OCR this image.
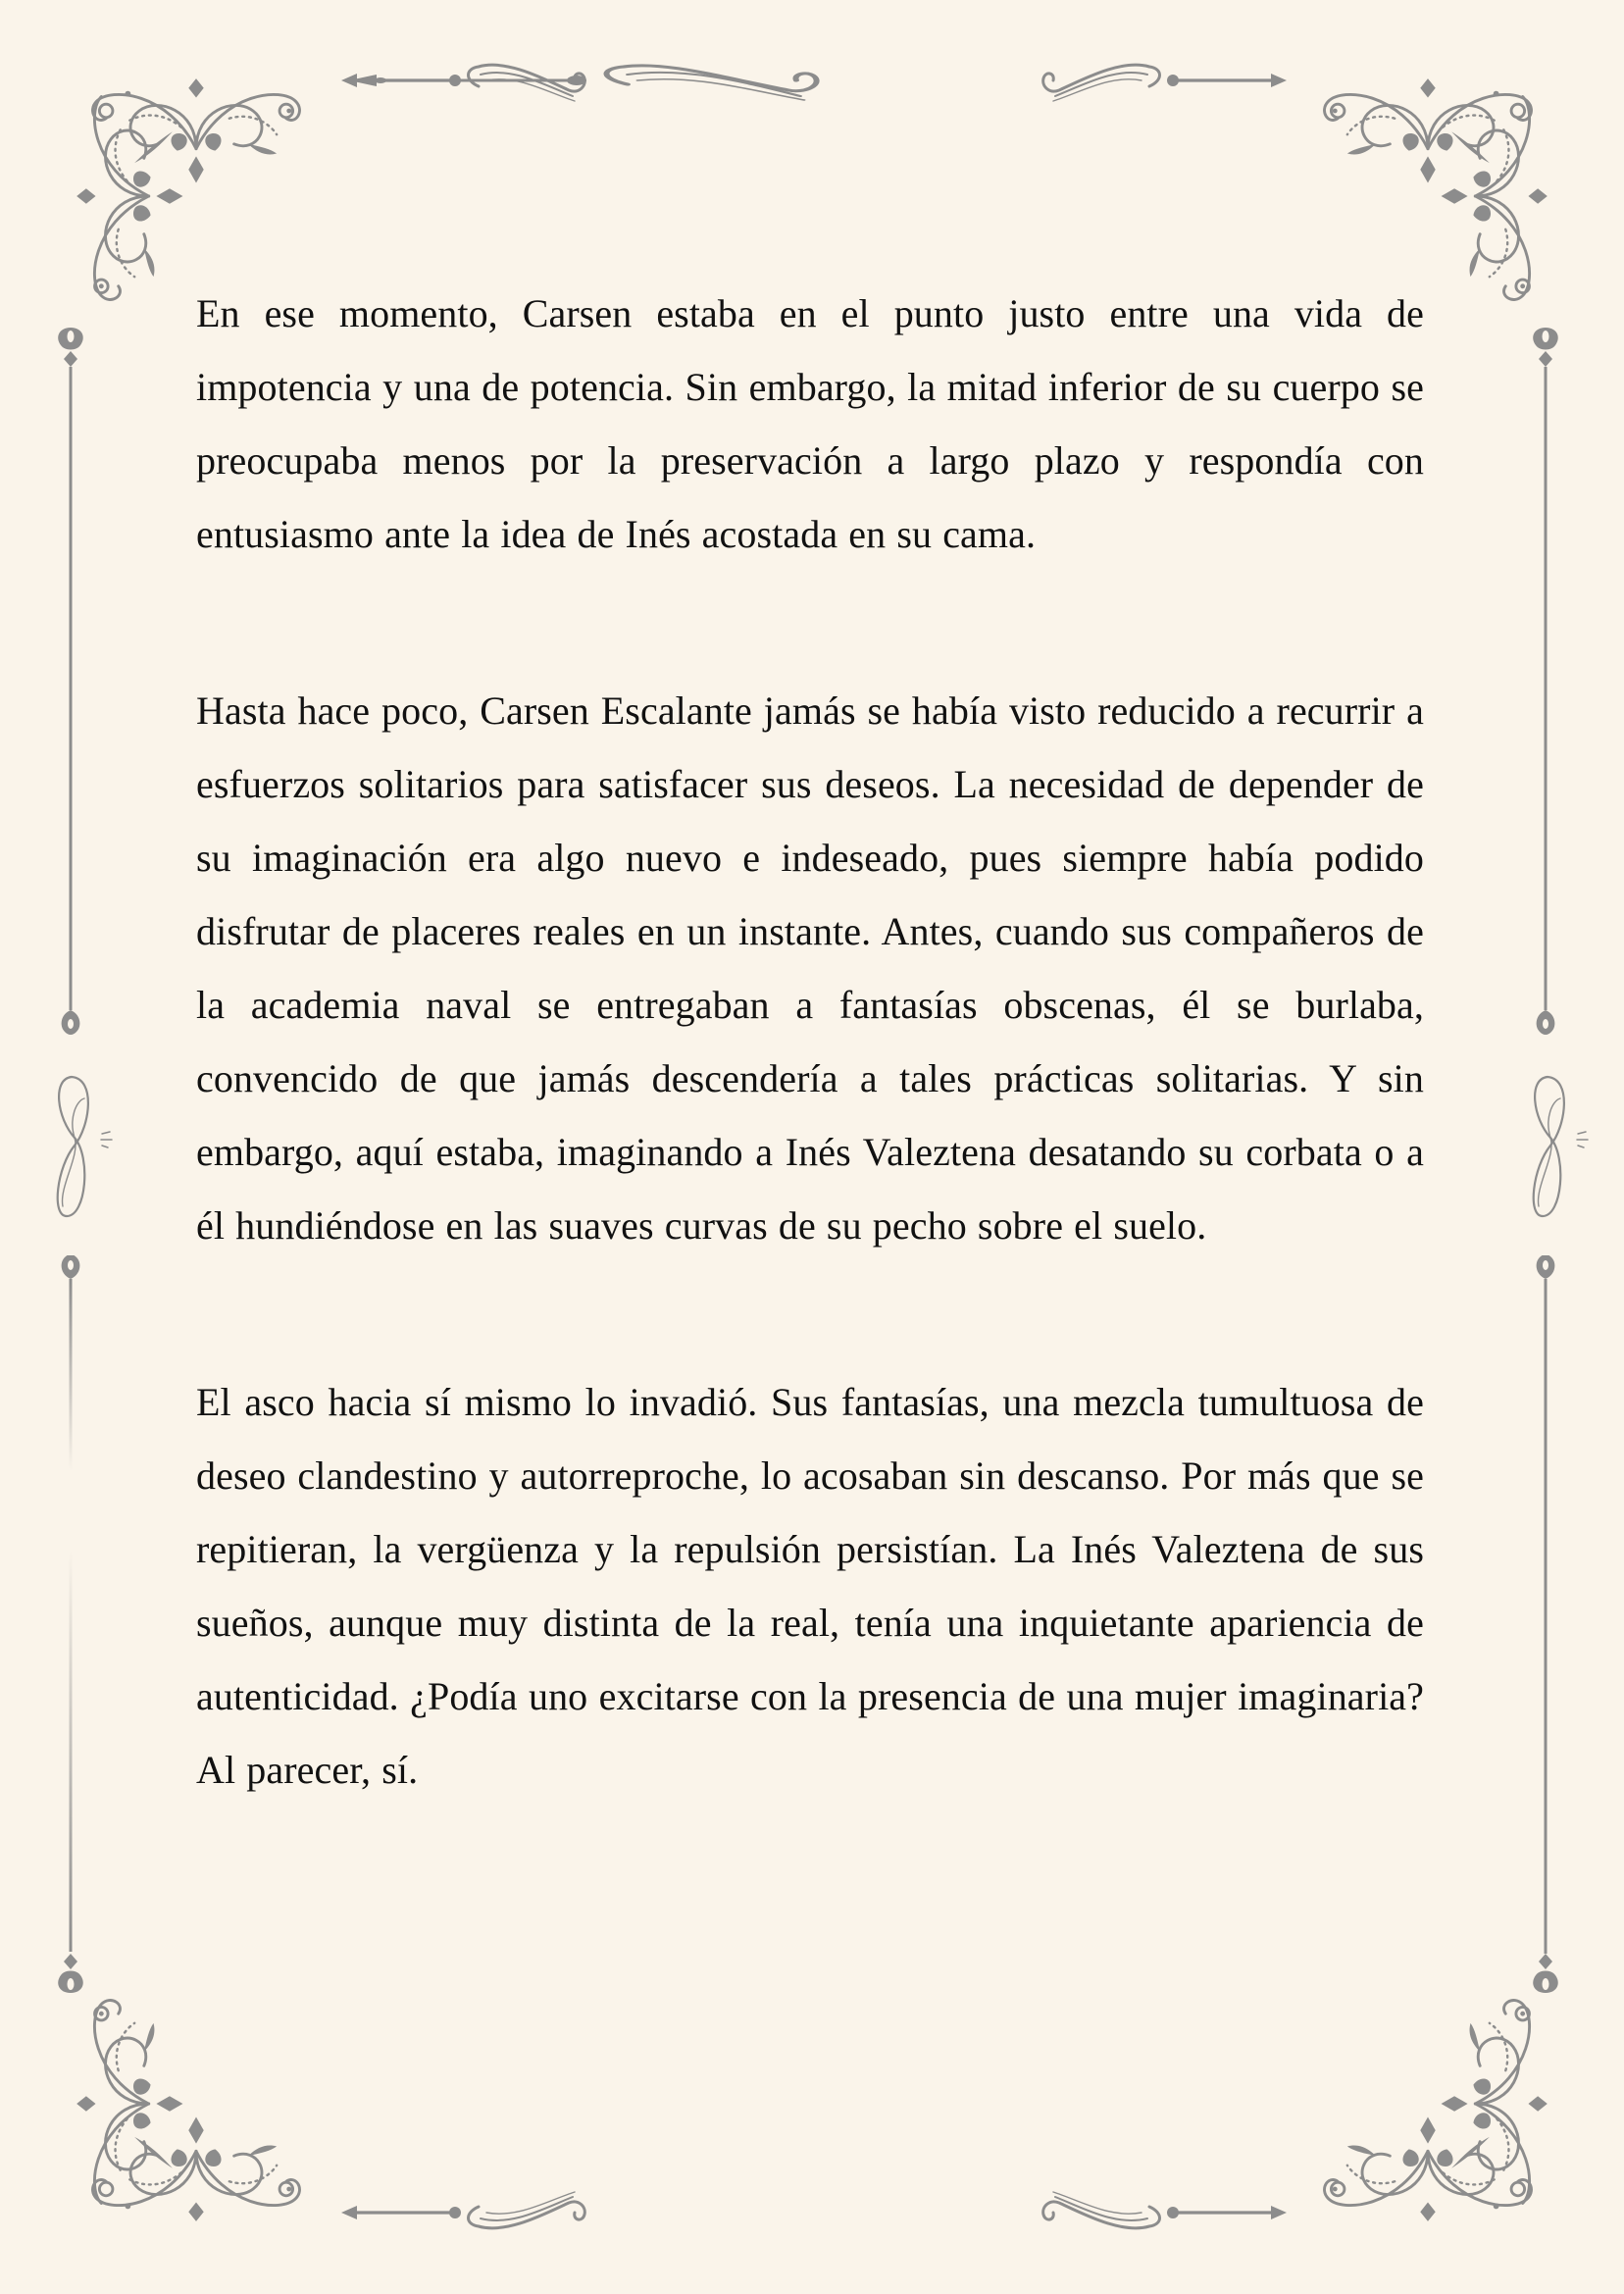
En ese momento, Carsen estaba en el punto justo entre una vida de impotencia y una de potencia. Sin embargo, la mitad inferior de su cuerpo se preocupaba menos por la preservación a largo plazo y respondía con entusiasmo ante la idea de Inés acostada en su cama.

Hasta hace poco, Carsen Escalante jamás se había visto reducido a recurrir a esfuerzos solitarios para satisfacer sus deseos. La necesidad de depender de su imaginación era algo nuevo e indeseado, pues siempre había podido disfrutar de placeres reales en un instante. Antes, cuando sus compañeros de la academia naval se entregaban a fantasías obscenas, él se burlaba, convencido de que jamás descendería a tales prácticas solitarias. Y sin embargo, aquí estaba, imaginando a Inés Valeztena desatando su corbata o a él hundiéndose en las suaves curvas de su pecho sobre el suelo.

El asco hacia sí mismo lo invadió. Sus fantasías, una mezcla tumultuosa de deseo clandestino y autorreproche, lo acosaban sin descanso. Por más que se repitieran, la vergüenza y la repulsión persistían. La Inés Valeztena de sus sueños, aunque muy distinta de la real, tenía una inquietante apariencia de autenticidad. ¿Podía uno excitarse con la presencia de una mujer imaginaria? Al parecer, sí.
